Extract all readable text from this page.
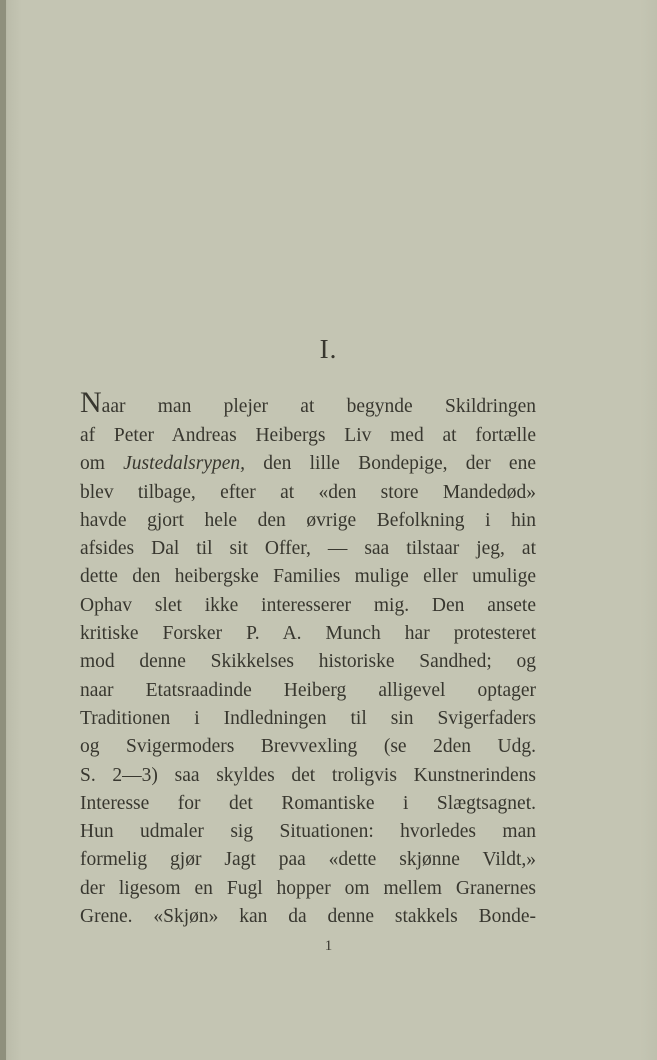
I.
Naar man plejer at begynde Skildringen
af Peter Andreas Heibergs Liv med at fortælle
om Justedalsrypen, den lille Bondepige, der ene
blev tilbage, efter at «den store Mandedød»
havde gjort hele den øvrige Befolkning i hin
afsides Dal til sit Offer, — saa tilstaar jeg, at
dette den heibergske Families mulige eller umulige
Ophav slet ikke interesserer mig. Den ansete
kritiske Forsker P. A. Munch har protesteret
mod denne Skikkelses historiske Sandhed; og
naar Etatsraadinde Heiberg alligevel optager
Traditionen i Indledningen til sin Svigerfaders
og Svigermoders Brevvexling (se 2den Udg.
S. 2—3) saa skyldes det troligvis Kunstnerindens
Interesse for det Romantiske i Slægtsagnet.
Hun udmaler sig Situationen: hvorledes man
formelig gjør Jagt paa «dette skjønne Vildt,»
der ligesom en Fugl hopper om mellem Granernes
Grene. «Skjøn» kan da denne stakkels Bonde-
1
